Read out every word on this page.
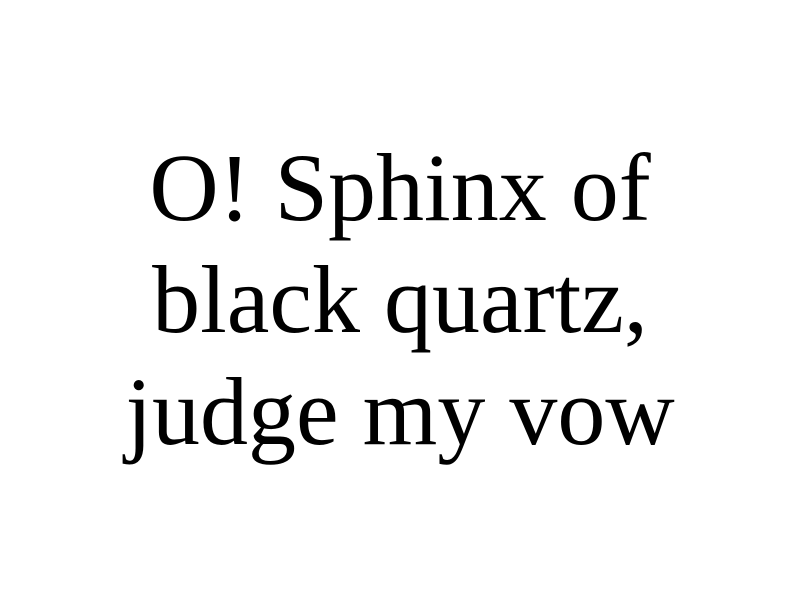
O! Sphinx of
black quartz,
judge my vow
